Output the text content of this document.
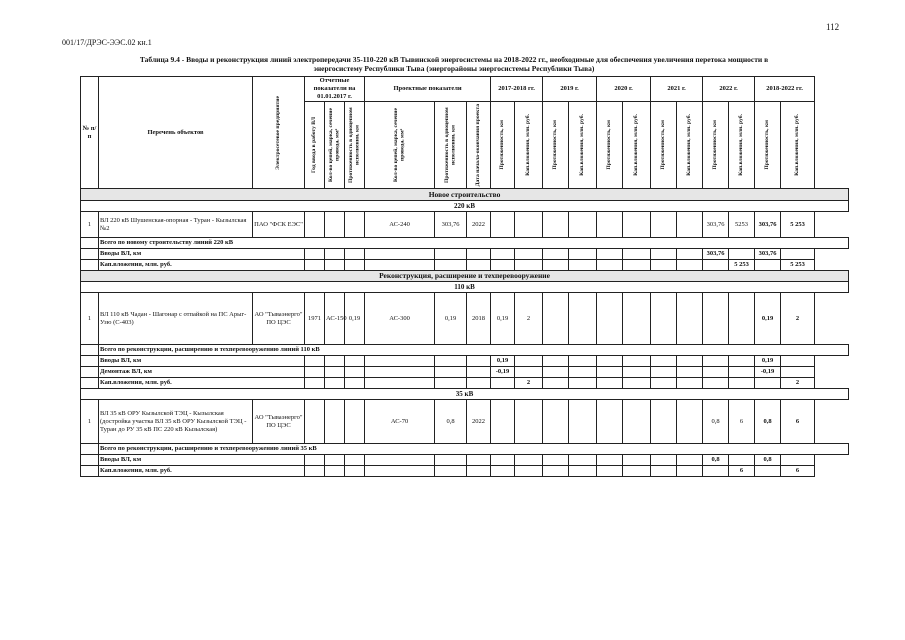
112
001/17/ДРЭС-ЭЭС.02 кн.1
Таблица 9.4 - Вводы и реконструкция линий электропередачи 35-110-220 кВ Тывинской энергосистемы на 2018-2022 гг., необходимые для обеспечения увеличения перетока мощности в
энергосистему Республики Тыва (энергорайоны энергосистемы Республики Тыва)
№ п/п	Перечень объектов	Электросетевое предприятие	Отчетные показатели на 01.01.2017 г.			Проектные показатели			2017-2018 гг.		2019 г.		2020 г.		2021 г.		2022 г.		2018-2022 гг.	

			Год ввода в работу ВЛ	Кол-во цепей, марка, сечение провода, мм²	Протяженность в одноцепном исполнении, км	Кол-во цепей, марка, сечение провода, мм²	Протяженность в одноцепном исполнении, км	Дата начала-окончания проекта	Протяженность, км	Кап.вложения, млн. руб.	Протяженность, км	Кап.вложения, млн. руб.	Протяженность, км	Кап.вложения, млн. руб.	Протяженность, км	Кап.вложения, млн. руб.	Протяженность, км	Кап.вложения, млн. руб.	Протяженность, км	Кап.вложения, млн. руб.

Новое строительство																				
220 кВ																				
1	ВЛ 220 кВ Шушенская-опорная - Туран - Кызылская №2	ПАО "ФСК ЕЭС"				АС-240	303,76	2022									303,76	5253	303,76	5 253
	Всего по новому строительству линий 220 кВ																			
	Вводы ВЛ, км																303,76		303,76	
	Кап.вложения, млн. руб.																	5 253		5 253
Реконструкция, расширение и техперевооружение																				
110 кВ																				
1	ВЛ 110 кВ Чадан - Шагонар с отпайкой на ПС Арыг-Узю (С-403)	АО "Тываэнерго" ПО ЦЭС	1971	АС-150	0,19	АС-300	0,19	2018	0,19	2									0,19	2
	Всего по реконструкции, расширению и техперевооружению линий 110 кВ																			
	Вводы ВЛ, км								0,19										0,19	
	Демонтаж ВЛ, км								-0,19										-0,19	
	Кап.вложения, млн. руб.									2										2
35 кВ																				
1	ВЛ 35 кВ ОРУ Кызылской ТЭЦ - Кызылская (достройка участка ВЛ 35 кВ ОРУ Кызылской ТЭЦ - Туран до РУ 35 кВ ПС 220 кВ Кызылская)	АО "Тываэнерго" ПО ЦЭС				АС-70	0,8	2022									0,8	6	0,8	6
	Всего по реконструкции, расширению и техперевооружению линий 35 кВ																			
	Вводы ВЛ, км																0,8		0,8	
	Кап.вложения, млн. руб.																	6		6
